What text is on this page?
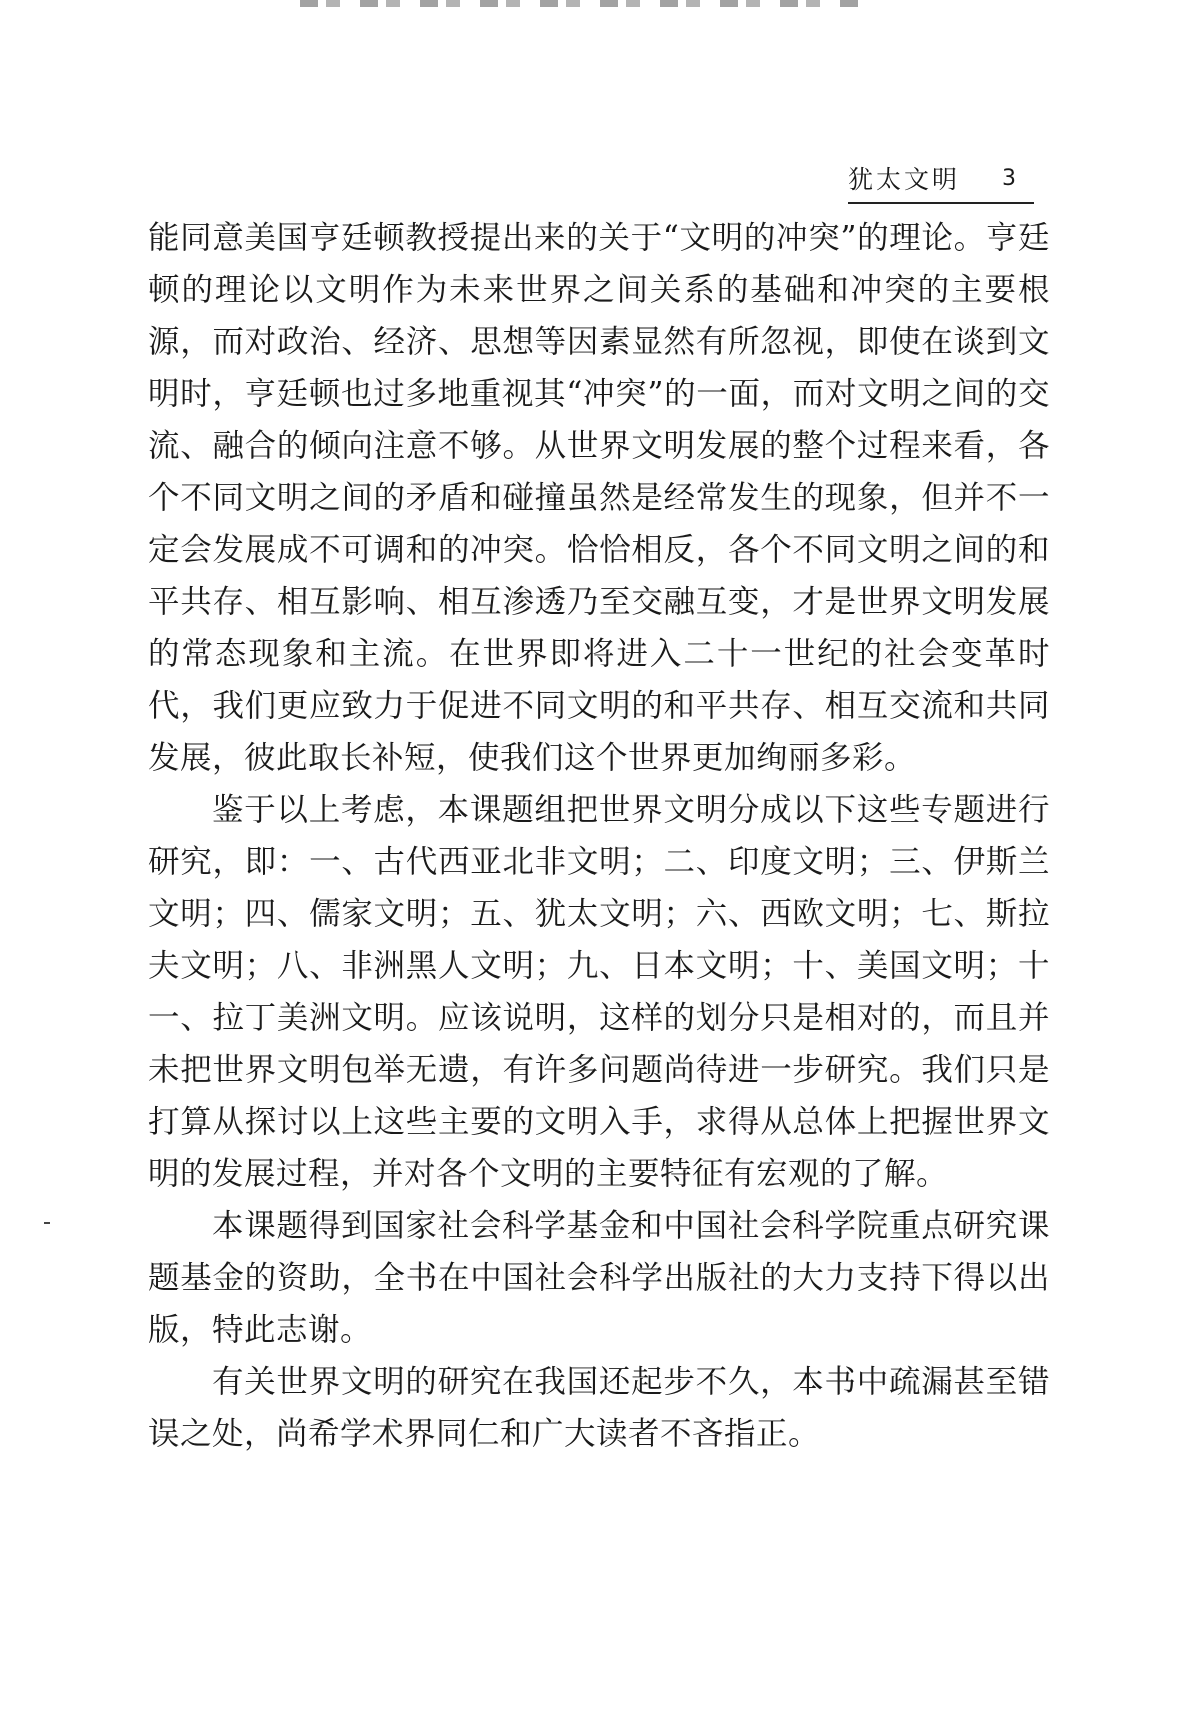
犹太文明 3

能同意美国亨廷顿教授提出来的关于“文明的冲突”的理论。亨廷顿的理论以文明作为未来世界之间关系的基础和冲突的主要根源，而对政治、经济、思想等因素显然有所忽视，即使在谈到文明时，亨廷顿也过多地重视其“冲突”的一面，而对文明之间的交流、融合的倾向注意不够。从世界文明发展的整个过程来看，各个不同文明之间的矛盾和碰撞虽然是经常发生的现象，但并不一定会发展成不可调和的冲突。恰恰相反，各个不同文明之间的和平共存、相互影响、相互渗透乃至交融互变，才是世界文明发展的常态现象和主流。在世界即将进入二十一世纪的社会变革时代，我们更应致力于促进不同文明的和平共存、相互交流和共同发展，彼此取长补短，使我们这个世界更加绚丽多彩。

鉴于以上考虑，本课题组把世界文明分成以下这些专题进行研究，即：一、古代西亚北非文明；二、印度文明；三、伊斯兰文明；四、儒家文明；五、犹太文明；六、西欧文明；七、斯拉夫文明；八、非洲黑人文明；九、日本文明；十、美国文明；十一、拉丁美洲文明。应该说明，这样的划分只是相对的，而且并未把世界文明包举无遗，有许多问题尚待进一步研究。我们只是打算从探讨以上这些主要的文明入手，求得从总体上把握世界文明的发展过程，并对各个文明的主要特征有宏观的了解。

本课题得到国家社会科学基金和中国社会科学院重点研究课题基金的资助，全书在中国社会科学出版社的大力支持下得以出版，特此志谢。

有关世界文明的研究在我国还起步不久，本书中疏漏甚至错误之处，尚希学术界同仁和广大读者不吝指正。
